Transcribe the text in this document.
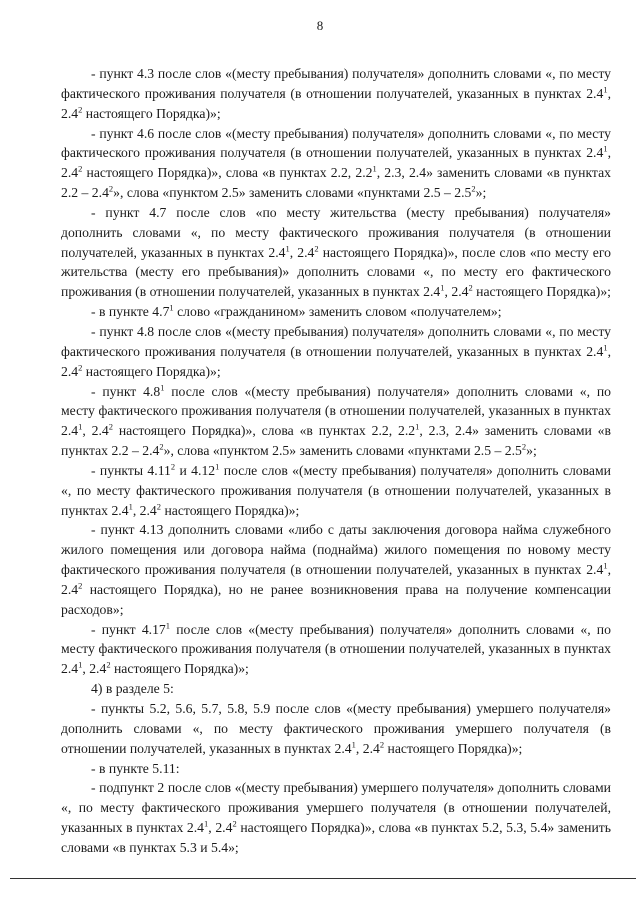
8

- пункт 4.3 после слов «(месту пребывания) получателя» дополнить словами «, по месту фактического проживания получателя (в отношении получателей, указанных в пунктах $2.4^1$, $2.4^2$ настоящего Порядка)»;

- пункт 4.6 после слов «(месту пребывания) получателя» дополнить словами «, по месту фактического проживания получателя (в отношении получателей, указанных в пунктах $2.4^1$, $2.4^2$ настоящего Порядка)», слова «в пунктах 2.2, $2.2^1$, 2.3, 2.4» заменить словами «в пунктах $2.2 - 2.4^2$», слова «пунктом 2.5» заменить словами «пунктами $2.5 - 2.5^2$»;

- пункт 4.7 после слов «по месту жительства (месту пребывания) получателя» дополнить словами «, по месту фактического проживания получателя (в отношении получателей, указанных в пунктах $2.4^1$, $2.4^2$ настоящего Порядка)», после слов «по месту его жительства (месту его пребывания)» дополнить словами «, по месту его фактического проживания (в отношении получателей, указанных в пунктах $2.4^1$, $2.4^2$ настоящего Порядка)»;

- в пункте $4.7^1$ слово «гражданином» заменить словом «получателем»;

- пункт 4.8 после слов «(месту пребывания) получателя» дополнить словами «, по месту фактического проживания получателя (в отношении получателей, указанных в пунктах $2.4^1$, $2.4^2$ настоящего Порядка)»;

- пункт $4.8^1$ после слов «(месту пребывания) получателя» дополнить словами «, по месту фактического проживания получателя (в отношении получателей, указанных в пунктах $2.4^1$, $2.4^2$ настоящего Порядка)», слова «в пунктах 2.2, $2.2^1$, 2.3, 2.4» заменить словами «в пунктах $2.2 - 2.4^2$», слова «пунктом 2.5» заменить словами «пунктами $2.5 - 2.5^2$»;

- пункты 4.11$^2$ и 4.12$^1$ после слов «(месту пребывания) получателя» дополнить словами «, по месту фактического проживания получателя (в отношении получателей, указанных в пунктах $2.4^1$, $2.4^2$ настоящего Порядка)»;

- пункт 4.13 дополнить словами «либо с даты заключения договора найма служебного жилого помещения или договора найма (поднайма) жилого помещения по новому месту фактического проживания получателя (в отношении получателей, указанных в пунктах $2.4^1$, $2.4^2$ настоящего Порядка), но не ранее возникновения права на получение компенсации расходов»;

- пункт 4.17$^1$ после слов «(месту пребывания) получателя» дополнить словами «, по месту фактического проживания получателя (в отношении получателей, указанных в пунктах $2.4^1$, $2.4^2$ настоящего Порядка)»;

4) в разделе 5:

- пункты 5.2, 5.6, 5.7, 5.8, 5.9 после слов «(месту пребывания) умершего получателя» дополнить словами «, по месту фактического проживания умершего получателя (в отношении получателей, указанных в пунктах $2.4^1$, $2.4^2$ настоящего Порядка)»;

- в пункте 5.11:

- подпункт 2 после слов «(месту пребывания) умершего получателя» дополнить словами «, по месту фактического проживания умершего получателя (в отношении получателей, указанных в пунктах $2.4^1$, $2.4^2$ настоящего Порядка)», слова «в пунктах 5.2, 5.3, 5.4» заменить словами «в пунктах 5.3 и 5.4»;
